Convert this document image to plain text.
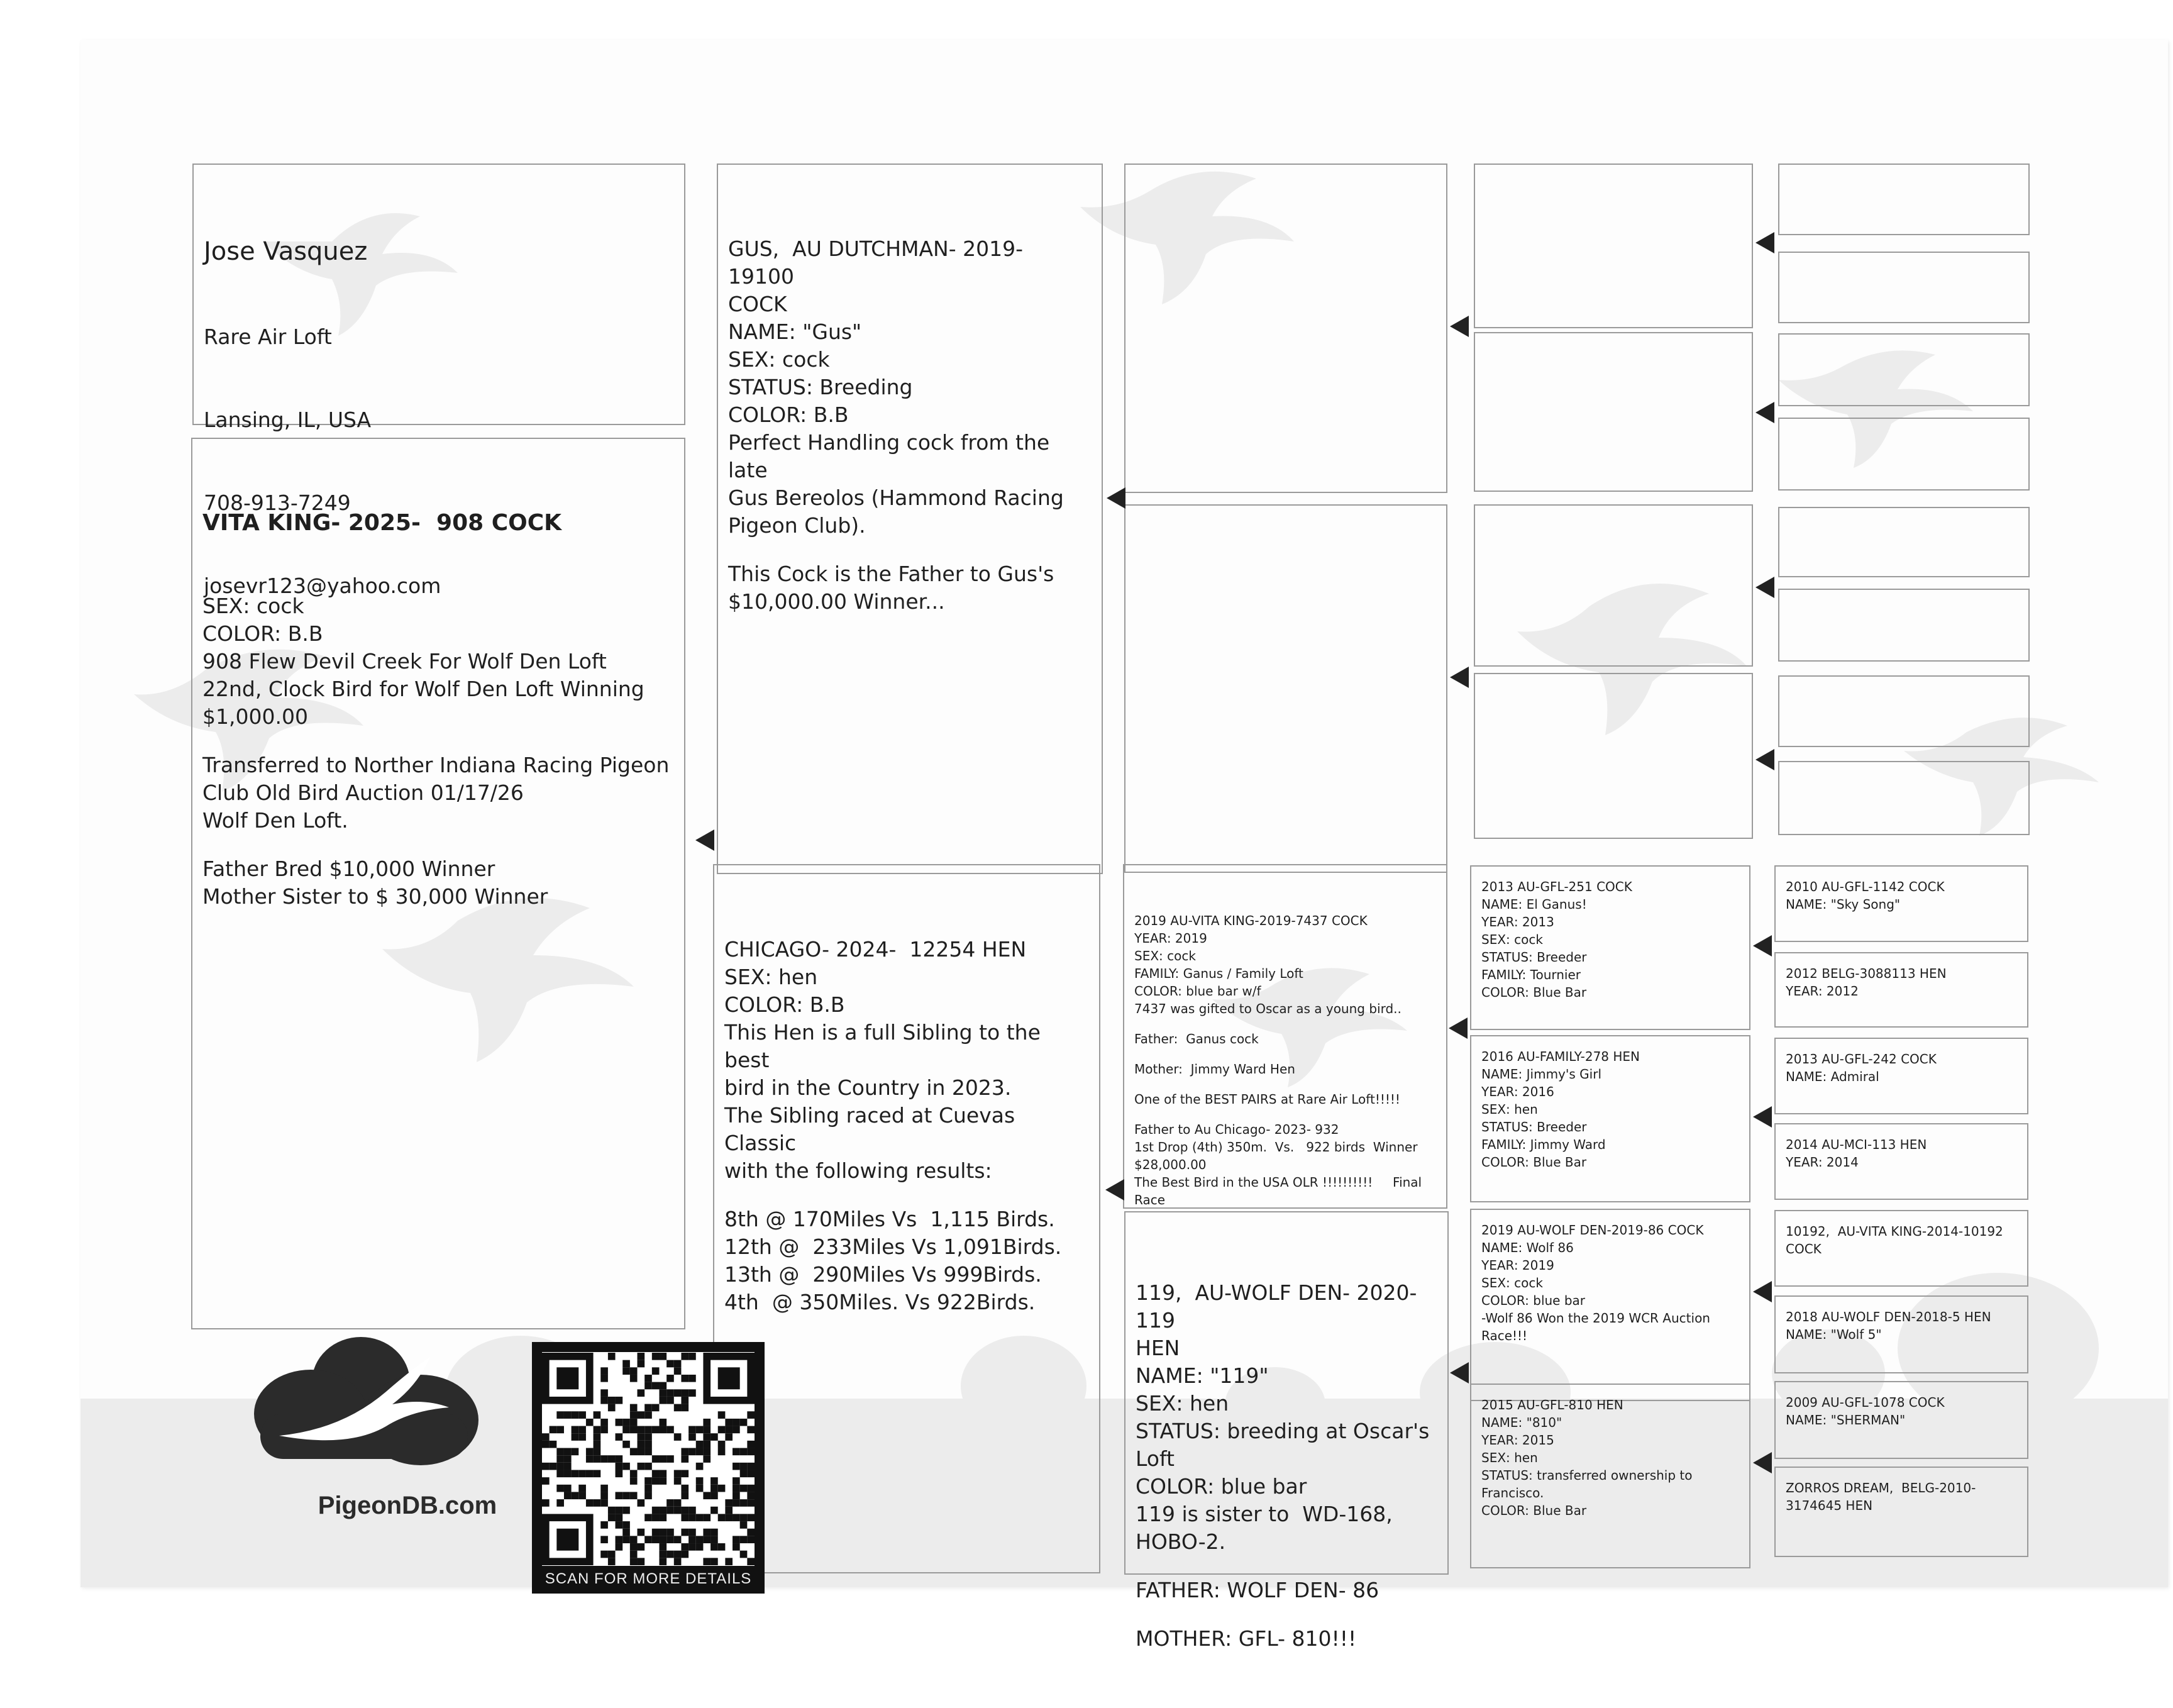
Jose Vasquez

Rare Air Loft

Lansing, IL, USA

708-913-7249

josevr123@yahoo.com

VITA KING- 2025-  908 COCK

SEX: cock
COLOR: B.B
908 Flew Devil Creek For Wolf Den Loft
22nd, Clock Bird for Wolf Den Loft Winning
$1,000.00
Transferred to Norther Indiana Racing Pigeon
Club Old Bird Auction 01/17/26
Wolf Den Loft.
Father Bred $10,000 Winner
Mother Sister to $ 30,000 Winner

GUS,  AU DUTCHMAN- 2019-   19100
COCK
NAME: "Gus"
SEX: cock
STATUS: Breeding
COLOR: B.B
Perfect Handling cock from the late
Gus Bereolos (Hammond Racing
Pigeon Club).
This Cock is the Father to Gus's
$10,000.00 Winner...

CHICAGO- 2024-  12254 HEN
SEX: hen
COLOR: B.B
This Hen is a full Sibling to the best
bird in the Country in 2023.
The Sibling raced at Cuevas Classic
with the following results:
8th @ 170Miles Vs  1,115 Birds.
12th @  233Miles Vs 1,091Birds.
13th @  290Miles Vs 999Birds.
4th  @ 350Miles. Vs 922Birds.

2019 AU-VITA KING-2019-7437 COCK
YEAR: 2019
SEX: cock
FAMILY: Ganus / Family Loft
COLOR: blue bar w/f
7437 was gifted to Oscar as a young bird..
Father:  Ganus cock
Mother:  Jimmy Ward Hen
One of the BEST PAIRS at Rare Air Loft!!!!!
Father to Au Chicago- 2023- 932
1st Drop (4th) 350m.  Vs.   922 birds  Winner
$28,000.00
The Best Bird in the USA OLR !!!!!!!!!!     Final Race

119,  AU-WOLF DEN- 2020-  119
HEN
NAME: "119"
SEX: hen
STATUS: breeding at Oscar's Loft
COLOR: blue bar
119 is sister to  WD-168, HOBO-2.
FATHER: WOLF DEN- 86
MOTHER: GFL- 810!!!

2013 AU-GFL-251 COCK
NAME: El Ganus!
YEAR: 2013
SEX: cock
STATUS: Breeder
FAMILY: Tournier
COLOR: Blue Bar
2016 AU-FAMILY-278 HEN
NAME: Jimmy's Girl
YEAR: 2016
SEX: hen
STATUS: Breeder
FAMILY: Jimmy Ward
COLOR: Blue Bar
2019 AU-WOLF DEN-2019-86 COCK
NAME: Wolf 86
YEAR: 2019
SEX: cock
COLOR: blue bar
-Wolf 86 Won the 2019 WCR Auction
Race!!!
2015 AU-GFL-810 HEN
NAME: "810"
YEAR: 2015
SEX: hen
STATUS: transferred ownership to
Francisco.
COLOR: Blue Bar
2010 AU-GFL-1142 COCK
NAME: "Sky Song"
2012 BELG-3088113 HEN
YEAR: 2012
2013 AU-GFL-242 COCK
NAME: Admiral
2014 AU-MCI-113 HEN
YEAR: 2014
10192,  AU-VITA KING-2014-10192
COCK
2018 AU-WOLF DEN-2018-5 HEN
NAME: "Wolf 5"
2009 AU-GFL-1078 COCK
NAME: "SHERMAN"
ZORROS DREAM,  BELG-2010-
3174645 HEN
PigeonDB.com
SCAN FOR MORE DETAILS
